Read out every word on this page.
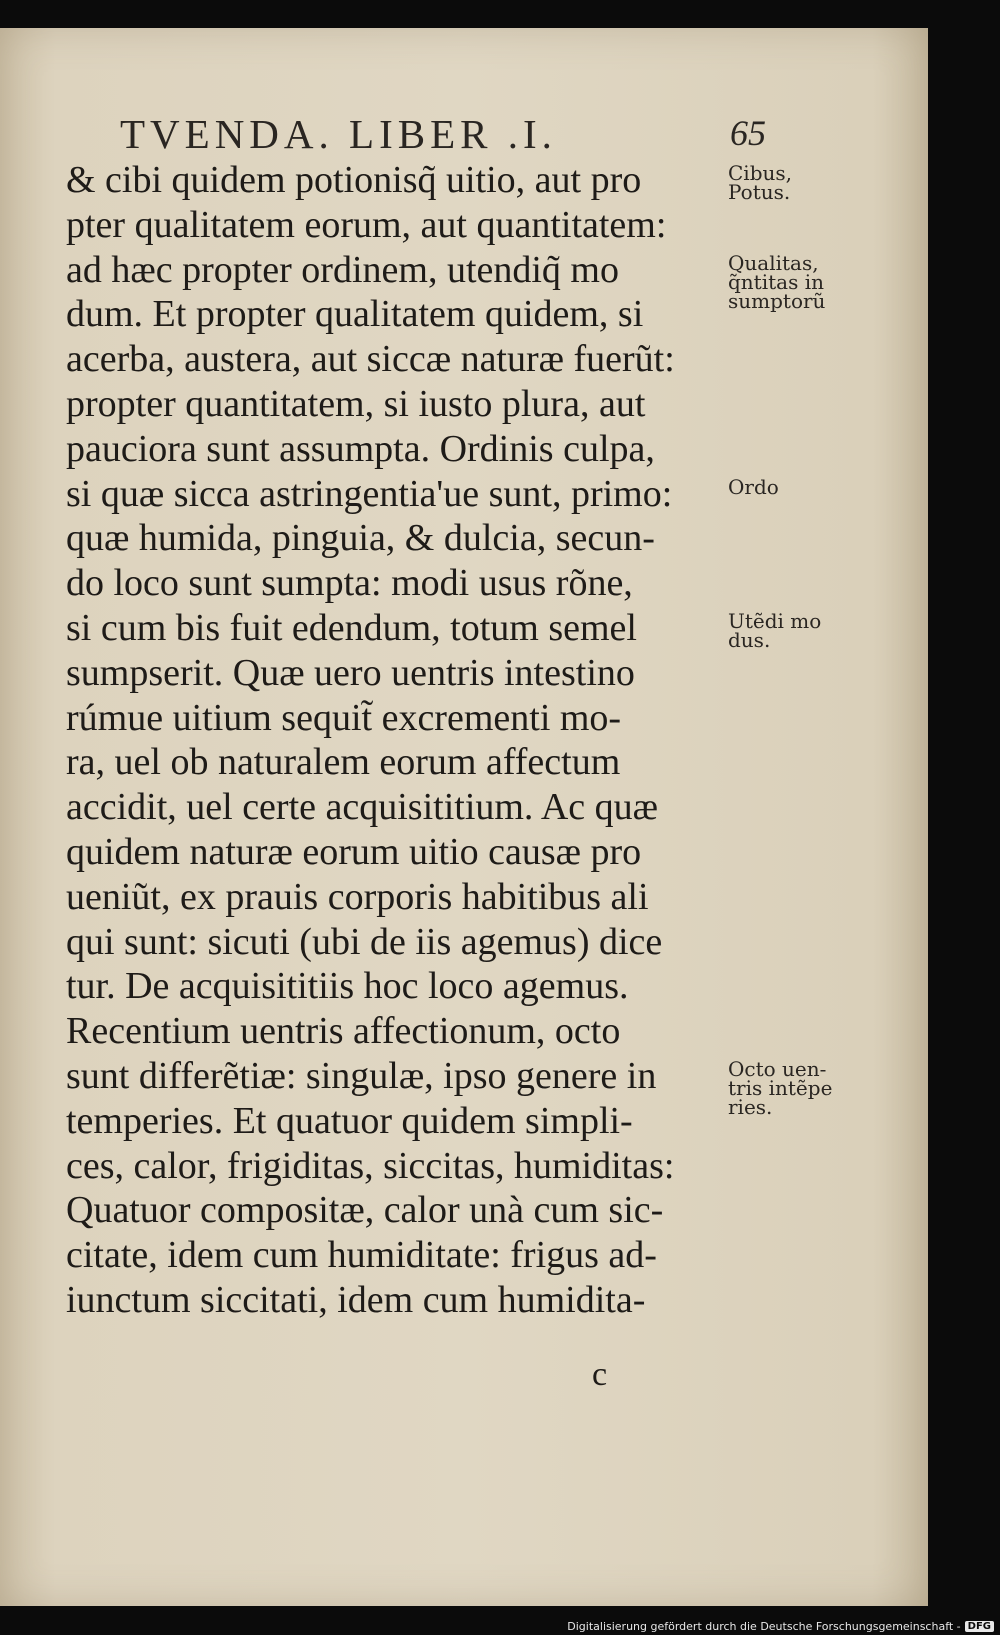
TVENDA. LIBER .I.	65
& cibi quidem potionisq̃ uitio, aut pro
pter qualitatem eorum, aut quantitatem:
ad hæc propter ordinem, utendiq̃ mo
dum. Et propter qualitatem quidem, si
acerba, austera, aut siccæ naturæ fuerũt:
propter quantitatem, si iusto plura, aut
pauciora sunt assumpta. Ordinis culpa,
si quæ sicca astringentia'ue sunt, primo:
quæ humida, pinguia, & dulcia, secun-
do loco sunt sumpta: modi usus rõne,
si cum bis fuit edendum, totum semel
sumpserit. Quæ uero uentris intestino
rúmue uitium sequit̃ excrementi mo-
ra, uel ob naturalem eorum affectum
accidit, uel certe acquisititium. Ac quæ
quidem naturæ eorum uitio causæ pro
ueniũt, ex prauis corporis habitibus ali
qui sunt: sicuti (ubi de iis agemus) dice
tur. De acquisititiis hoc loco agemus.
Recentium uentris affectionum, octo
sunt differẽtiæ: singulæ, ipso genere in
temperies. Et quatuor quidem simpli-
ces, calor, frigiditas, siccitas, humiditas:
Quatuor compositæ, calor unà cum sic-
citate, idem cum humiditate: frigus ad-
iunctum siccitati, idem cum humidita-
Cibus, Potus.
Qualitas, q̃ntitas in sumptorũ
Ordo
Utẽdi mo dus.
Octo uen- tris intẽpe ries.
c
Digitalisierung gefördert durch die Deutsche Forschungsgemeinschaft - DFG
